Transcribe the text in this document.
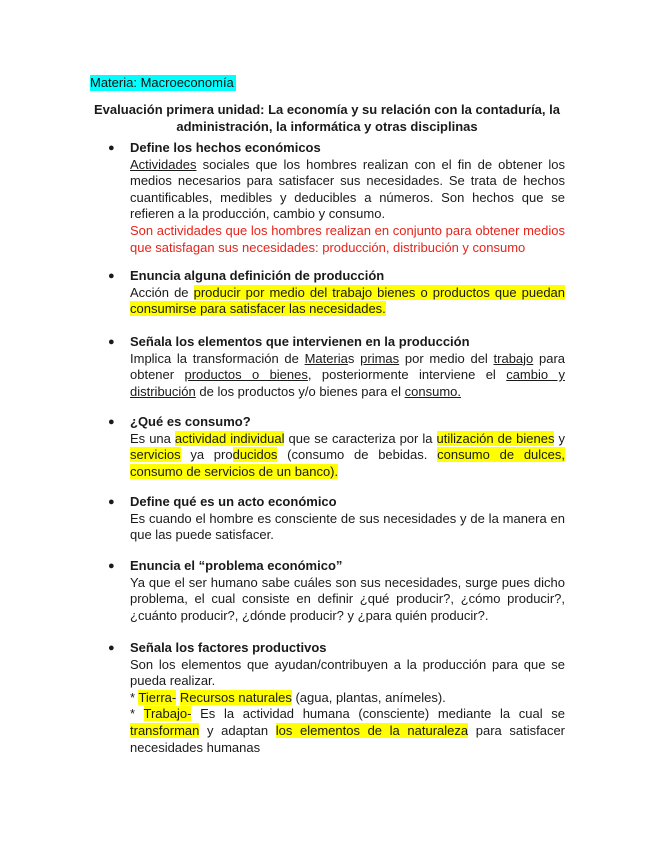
Materia: Macroeconomía
Evaluación primera unidad: La economía y su relación con la contaduría, la
administración, la informática y otras disciplinas
● Define los hechos económicos

Actividades sociales que los hombres realizan con el fin de obtener los medios necesarios para satisfacer sus necesidades. Se trata de hechos cuantificables, medibles y deducibles a números. Son hechos que se refieren a la producción, cambio y consumo.

Son actividades que los hombres realizan en conjunto para obtener medios que satisfagan sus necesidades: producción, distribución y consumo

● Enuncia alguna definición de producción

Acción de producir por medio del trabajo bienes o productos que puedan consumirse para satisfacer las necesidades.

● Señala los elementos que intervienen en la producción

Implica la transformación de Materias primas por medio del trabajo para obtener productos o bienes, posteriormente interviene el cambio y distribución de los productos y/o bienes para el consumo.

● ¿Qué es consumo?

Es una actividad individual que se caracteriza por la utilización de bienes y servicios ya producidos (consumo de bebidas. consumo de dulces, consumo de servicios de un banco).

● Define qué es un acto económico

Es cuando el hombre es consciente de sus necesidades y de la manera en que las puede satisfacer.

● Enuncia el “problema económico”

Ya que el ser humano sabe cuáles son sus necesidades, surge pues dicho problema, el cual consiste en definir ¿qué producir?, ¿cómo producir?, ¿cuánto producir?, ¿dónde producir? y ¿para quién producir?.

● Señala los factores productivos

Son los elementos que ayudan/contribuyen a la producción para que se pueda realizar.

* Tierra- Recursos naturales (agua, plantas, anímeles).

* Trabajo- Es la actividad humana (consciente) mediante la cual se transforman y adaptan los elementos de la naturaleza para satisfacer necesidades humanas
